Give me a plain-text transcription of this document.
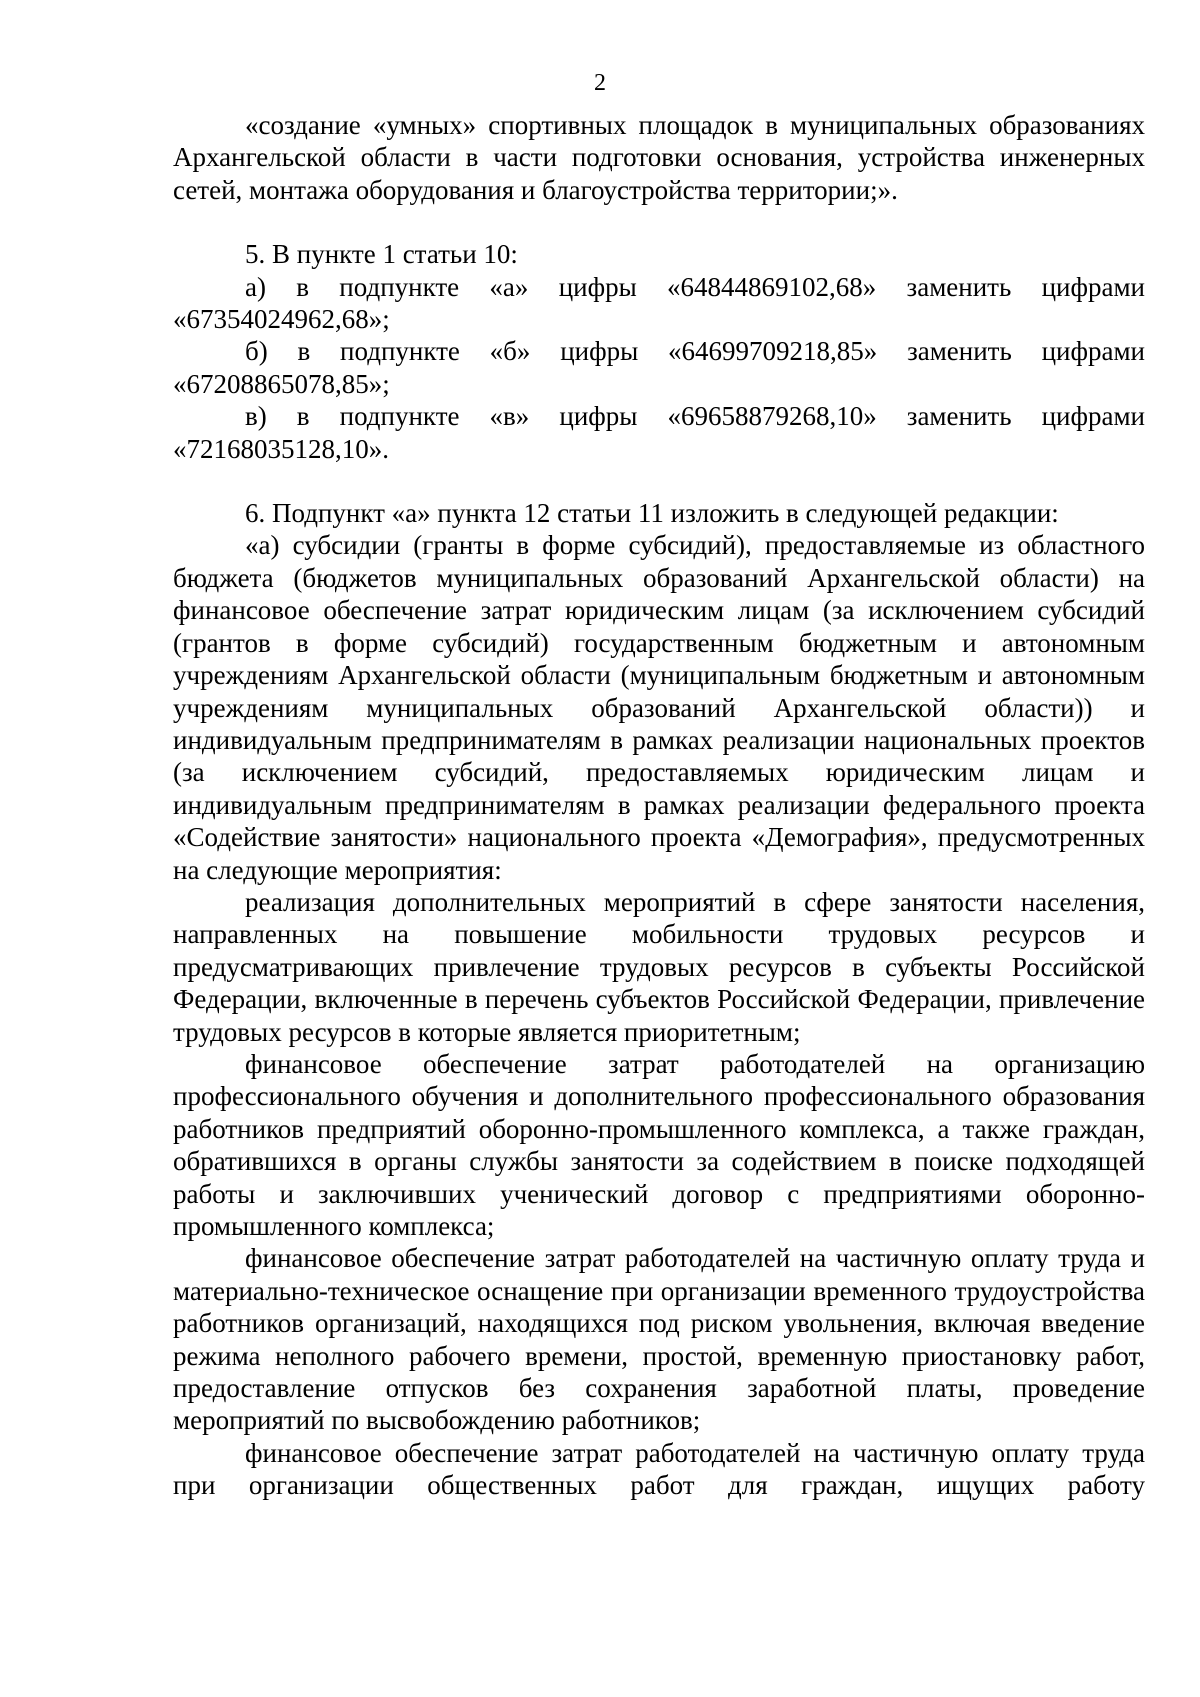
2

«создание «умных» спортивных площадок в муниципальных образованиях Архангельской области в части подготовки основания, устройства инженерных сетей, монтажа оборудования и благоустройства территории;».

5. В пункте 1 статьи 10:

а) в подпункте «а» цифры «64844869102,68» заменить цифрами «67354024962,68»;

б) в подпункте «б» цифры «64699709218,85» заменить цифрами «67208865078,85»;

в) в подпункте «в» цифры «69658879268,10» заменить цифрами «72168035128,10».

6. Подпункт «а» пункта 12 статьи 11 изложить в следующей редакции:

«а) субсидии (гранты в форме субсидий), предоставляемые из областного бюджета (бюджетов муниципальных образований Архангельской области) на финансовое обеспечение затрат юридическим лицам (за исключением субсидий (грантов в форме субсидий) государственным бюджетным и автономным учреждениям Архангельской области (муниципальным бюджетным и автономным учреждениям муниципальных образований Архангельской области)) и индивидуальным предпринимателям в рамках реализации национальных проектов (за исключением субсидий, предоставляемых юридическим лицам и индивидуальным предпринимателям в рамках реализации федерального проекта «Содействие занятости» национального проекта «Демография», предусмотренных на следующие мероприятия:

реализация дополнительных мероприятий в сфере занятости населения, направленных на повышение мобильности трудовых ресурсов и предусматривающих привлечение трудовых ресурсов в субъекты Российской Федерации, включенные в перечень субъектов Российской Федерации, привлечение трудовых ресурсов в которые является приоритетным;

финансовое обеспечение затрат работодателей на организацию профессионального обучения и дополнительного профессионального образования работников предприятий оборонно-промышленного комплекса, а также граждан, обратившихся в органы службы занятости за содействием в поиске подходящей работы и заключивших ученический договор с предприятиями оборонно-промышленного комплекса;

финансовое обеспечение затрат работодателей на частичную оплату труда и материально-техническое оснащение при организации временного трудоустройства работников организаций, находящихся под риском увольнения, включая введение режима неполного рабочего времени, простой, временную приостановку работ, предоставление отпусков без сохранения заработной платы, проведение мероприятий по высвобождению работников;

финансовое обеспечение затрат работодателей на частичную оплату труда при организации общественных работ для граждан, ищущих работу
